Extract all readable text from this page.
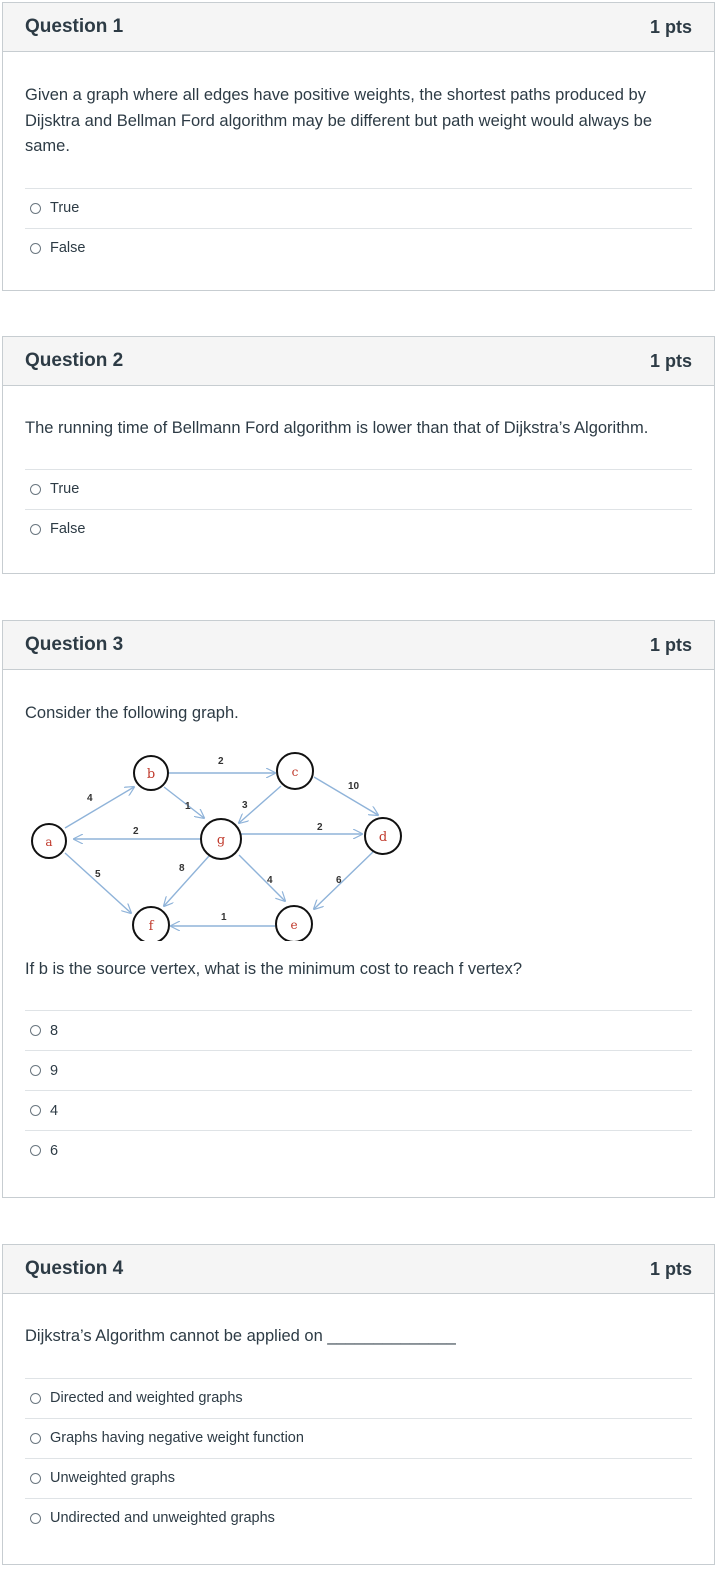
Question 1	1 pts

Given a graph where all edges have positive weights, the shortest paths produced by Dijsktra and Bellman Ford algorithm may be different but path weight would always be same.

True
False
Question 2	1 pts

The running time of Bellmann Ford algorithm is lower than that of Dijkstra’s Algorithm.

True
False
Question 3	1 pts

Consider the following graph.

4
2
1	3
10
2	2
5
8
4	6
1
a
b	c
d
e
f
g

If b is the source vertex, what is the minimum cost to reach f vertex?

8
9
4
6
Question 4	1 pts

Dijkstra’s Algorithm cannot be applied on ______________

Directed and weighted graphs
Graphs having negative weight function
Unweighted graphs
Undirected and unweighted graphs
